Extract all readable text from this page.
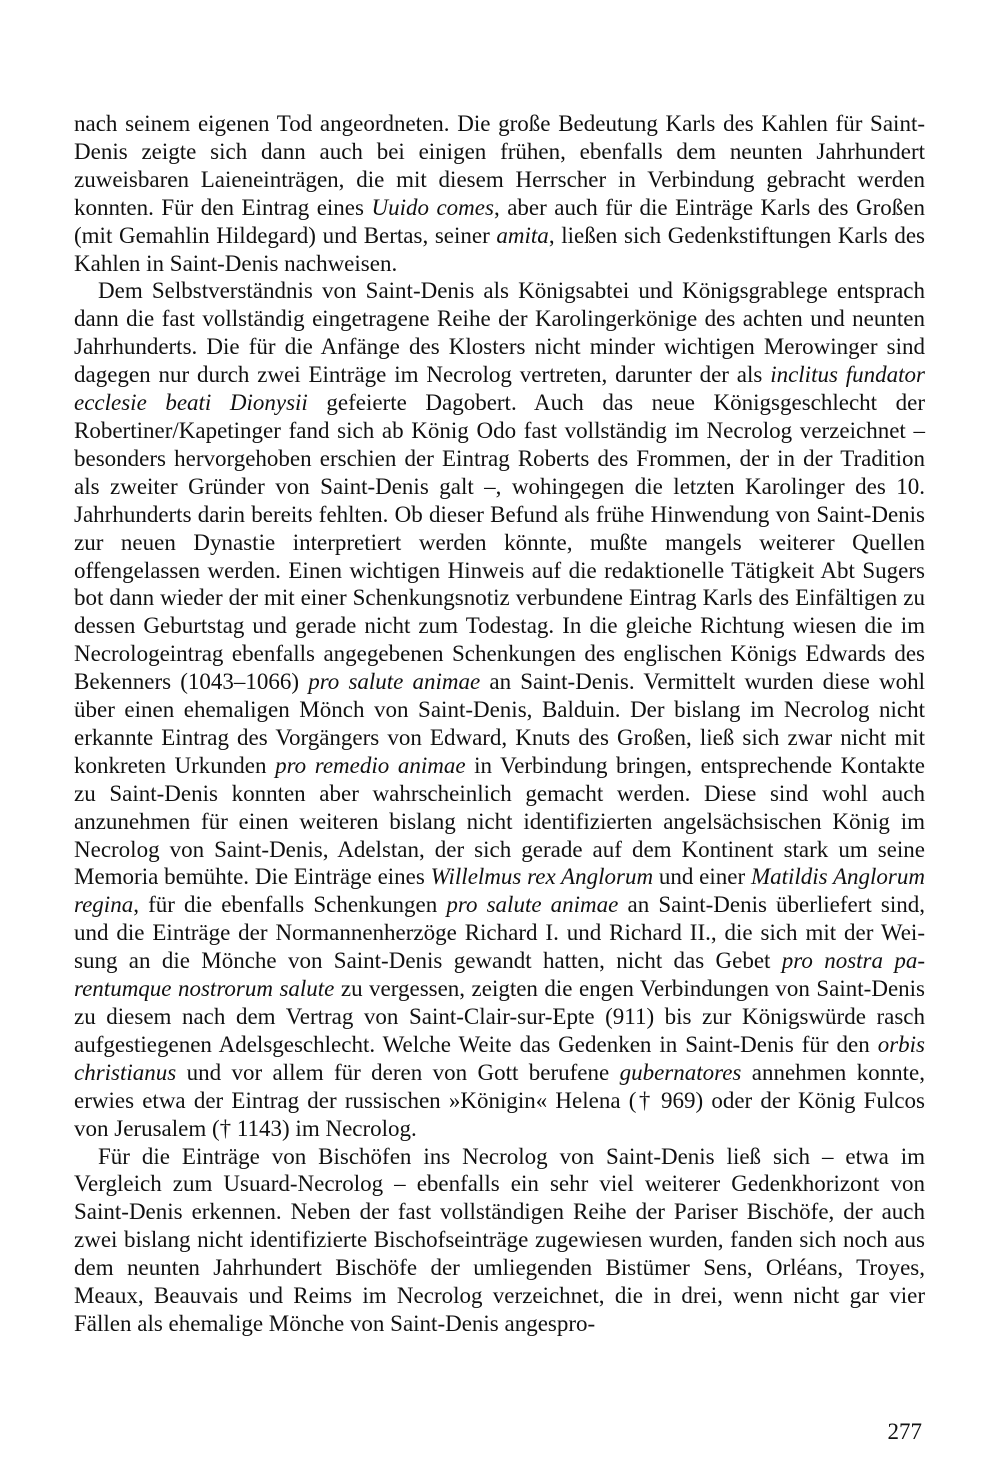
nach seinem eigenen Tod angeordneten. Die große Bedeutung Karls des Kahlen für Saint-Denis zeigte sich dann auch bei einigen frühen, ebenfalls dem neunten Jahrhundert zuweisbaren Laieneinträgen, die mit diesem Herrscher in Verbindung gebracht werden konnten. Für den Eintrag eines Uuido comes, aber auch für die Einträge Karls des Großen (mit Gemahlin Hildegard) und Bertas, seiner amita, ließen sich Gedenkstiftungen Karls des Kahlen in Saint-Denis nachweisen.

Dem Selbstverständnis von Saint-Denis als Königsabtei und Königsgrablege entsprach dann die fast vollständig eingetragene Reihe der Karolingerkönige des achten und neunten Jahrhunderts. Die für die Anfänge des Klosters nicht minder wichtigen Merowinger sind dagegen nur durch zwei Einträge im Necrolog vertreten, darunter der als inclitus fundator ecclesie beati Dionysii gefeierte Dagobert. Auch das neue Königsgeschlecht der Robertiner/Kapetinger fand sich ab König Odo fast vollständig im Necrolog verzeichnet – besonders hervorgehoben erschien der Eintrag Roberts des Frommen, der in der Tradition als zweiter Gründer von Saint-Denis galt –, wohingegen die letzten Karolinger des 10. Jahrhunderts darin bereits fehlten. Ob dieser Befund als frühe Hinwendung von Saint-Denis zur neuen Dynastie interpretiert werden könnte, mußte mangels weiterer Quellen offengelassen werden. Einen wichtigen Hinweis auf die redaktionelle Tätigkeit Abt Sugers bot dann wieder der mit einer Schenkungsnotiz verbundene Eintrag Karls des Einfältigen zu dessen Geburtstag und gerade nicht zum Todestag. In die gleiche Richtung wiesen die im Necrologeintrag ebenfalls angegebenen Schenkungen des englischen Königs Edwards des Bekenners (1043–1066) pro salute animae an Saint-Denis. Vermittelt wurden diese wohl über einen ehemaligen Mönch von Saint-Denis, Balduin. Der bislang im Necrolog nicht erkannte Eintrag des Vorgängers von Edward, Knuts des Großen, ließ sich zwar nicht mit konkreten Urkunden pro remedio animae in Verbindung bringen, entsprechende Kontakte zu Saint-Denis konnten aber wahrscheinlich gemacht werden. Diese sind wohl auch anzunehmen für einen weiteren bislang nicht identifizierten angelsächsischen König im Necrolog von Saint-Denis, Adelstan, der sich gerade auf dem Kontinent stark um seine Memoria bemühte. Die Einträge eines Willelmus rex Anglorum und einer Matildis Anglorum regina, für die ebenfalls Schenkungen pro salute animae an Saint-Denis überliefert sind, und die Einträge der Normannenherzöge Richard I. und Richard II., die sich mit der Weisung an die Mönche von Saint-Denis gewandt hatten, nicht das Gebet pro nostra parentumque nostrorum salute zu vergessen, zeigten die engen Verbindungen von Saint-Denis zu diesem nach dem Vertrag von Saint-Clair-sur-Epte (911) bis zur Königswürde rasch aufgestiegenen Adelsgeschlecht. Welche Weite das Gedenken in Saint-Denis für den orbis christianus und vor allem für deren von Gott berufene gubernatores annehmen konnte, erwies etwa der Eintrag der russischen »Königin« Helena († 969) oder der König Fulcos von Jerusalem († 1143) im Necrolog.

Für die Einträge von Bischöfen ins Necrolog von Saint-Denis ließ sich – etwa im Vergleich zum Usuard-Necrolog – ebenfalls ein sehr viel weiterer Gedenkhorizont von Saint-Denis erkennen. Neben der fast vollständigen Reihe der Pariser Bischöfe, der auch zwei bislang nicht identifizierte Bischofseinträge zugewiesen wurden, fanden sich noch aus dem neunten Jahrhundert Bischöfe der umliegenden Bistümer Sens, Orléans, Troyes, Meaux, Beauvais und Reims im Necrolog verzeichnet, die in drei, wenn nicht gar vier Fällen als ehemalige Mönche von Saint-Denis angespro-

277
